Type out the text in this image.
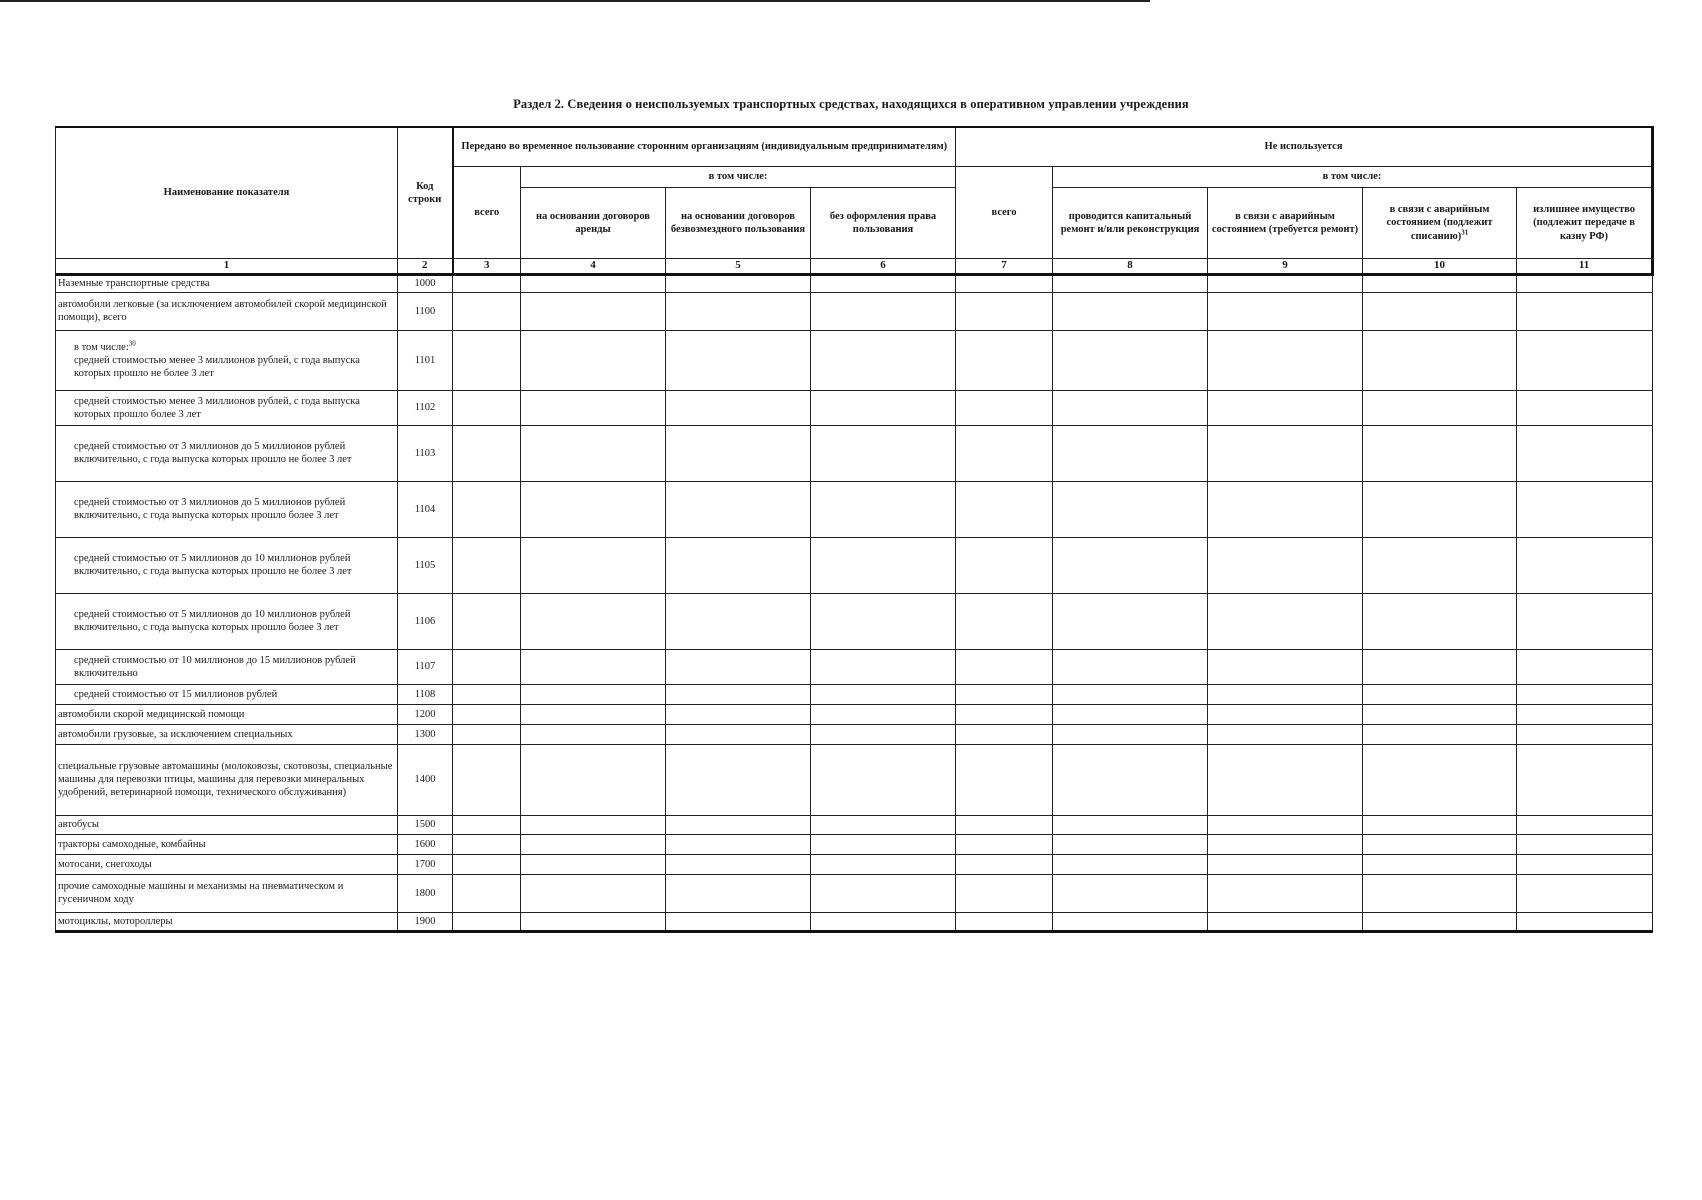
Раздел 2. Сведения о неиспользуемых транспортных средствах, находящихся в оперативном управлении учреждения
Наименование показателя	Код строки	Передано во временное пользование сторонним организациям (индивидуальным предпринимателям)				Не используется				
		всего	в том числе:			всего	в том числе:			
			на основании договоров аренды	на основании договоров безвозмездного пользования	без оформления права пользования		проводится капитальный ремонт и/или реконструкция	в связи с аварийным состоянием (требуется ремонт)	в связи с аварийным состоянием (подлежит списанию)$^{31}$	излишнее имущество (подлежит передаче в казну РФ)
1	2	3	4	5	6	7	8	9	10	11
Наземные транспортные средства	1000									
автомобили легковые (за исключением автомобилей скорой медицинской помощи), всего	1100									
в том числе:$^{30}$
средней стоимостью менее 3 миллионов рублей, с года выпуска которых прошло не более 3 лет	1101									
средней стоимостью менее 3 миллионов рублей, с года выпуска которых прошло более 3 лет	1102									
средней стоимостью от 3 миллионов до 5 миллионов рублей включительно, с года выпуска которых прошло не более 3 лет	1103									
средней стоимостью от 3 миллионов до 5 миллионов рублей включительно, с года выпуска которых прошло более 3 лет	1104									
средней стоимостью от 5 миллионов до 10 миллионов рублей включительно, с года выпуска которых прошло не более 3 лет	1105									
средней стоимостью от 5 миллионов до 10 миллионов рублей включительно, с года выпуска которых прошло более 3 лет	1106									
средней стоимостью от 10 миллионов до 15 миллионов рублей включительно	1107									
средней стоимостью от 15 миллионов рублей	1108									
автомобили скорой медицинской помощи	1200									
автомобили грузовые, за исключением специальных	1300									
специальные грузовые автомашины (молоковозы, скотовозы, специальные машины для перевозки птицы, машины для перевозки минеральных удобрений, ветеринарной помощи, технического обслуживания)	1400									
автобусы	1500									
тракторы самоходные, комбайны	1600									
мотосани, снегоходы	1700									
прочие самоходные машины и механизмы на пневматическом и гусеничном ходу	1800									
мотоциклы, мотороллеры	1900									
